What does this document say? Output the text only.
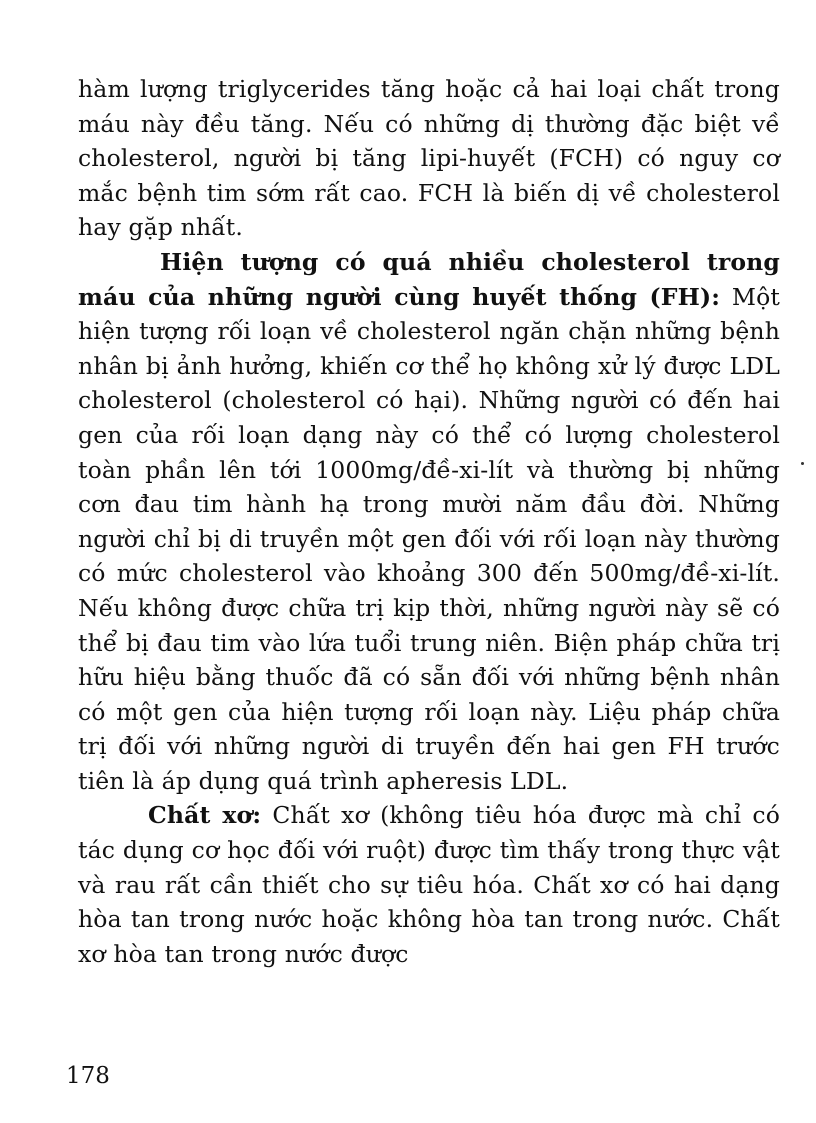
hàm lượng triglycerides tăng hoặc cả hai loại chất trong máu này đều tăng. Nếu có những dị thường đặc biệt về cholesterol, người bị tăng lipi-huyết (FCH) có nguy cơ mắc bệnh tim sớm rất cao. FCH là biến dị về cholesterol hay gặp nhất.

Hiện tượng có quá nhiều cholesterol trong máu của những người cùng huyết thống (FH): Một hiện tượng rối loạn về cholesterol ngăn chặn những bệnh nhân bị ảnh hưởng, khiến cơ thể họ không xử lý được LDL cholesterol (cholesterol có hại). Những người có đến hai gen của rối loạn dạng này có thể có lượng cholesterol toàn phần lên tới 1000mg/đề-xi-lít và thường bị những cơn đau tim hành hạ trong mười năm đầu đời. Những người chỉ bị di truyền một gen đối với rối loạn này thường có mức cholesterol vào khoảng 300 đến 500mg/đề-xi-lít. Nếu không được chữa trị kịp thời, những người này sẽ có thể bị đau tim vào lứa tuổi trung niên. Biện pháp chữa trị hữu hiệu bằng thuốc đã có sẵn đối với những bệnh nhân có một gen của hiện tượng rối loạn này. Liệu pháp chữa trị đối với những người di truyền đến hai gen FH trước tiên là áp dụng quá trình apheresis LDL.

Chất xơ: Chất xơ (không tiêu hóa được mà chỉ có tác dụng cơ học đối với ruột) được tìm thấy trong thực vật và rau rất cần thiết cho sự tiêu hóa. Chất xơ có hai dạng hòa tan trong nước hoặc không hòa tan trong nước. Chất xơ hòa tan trong nước được

178
